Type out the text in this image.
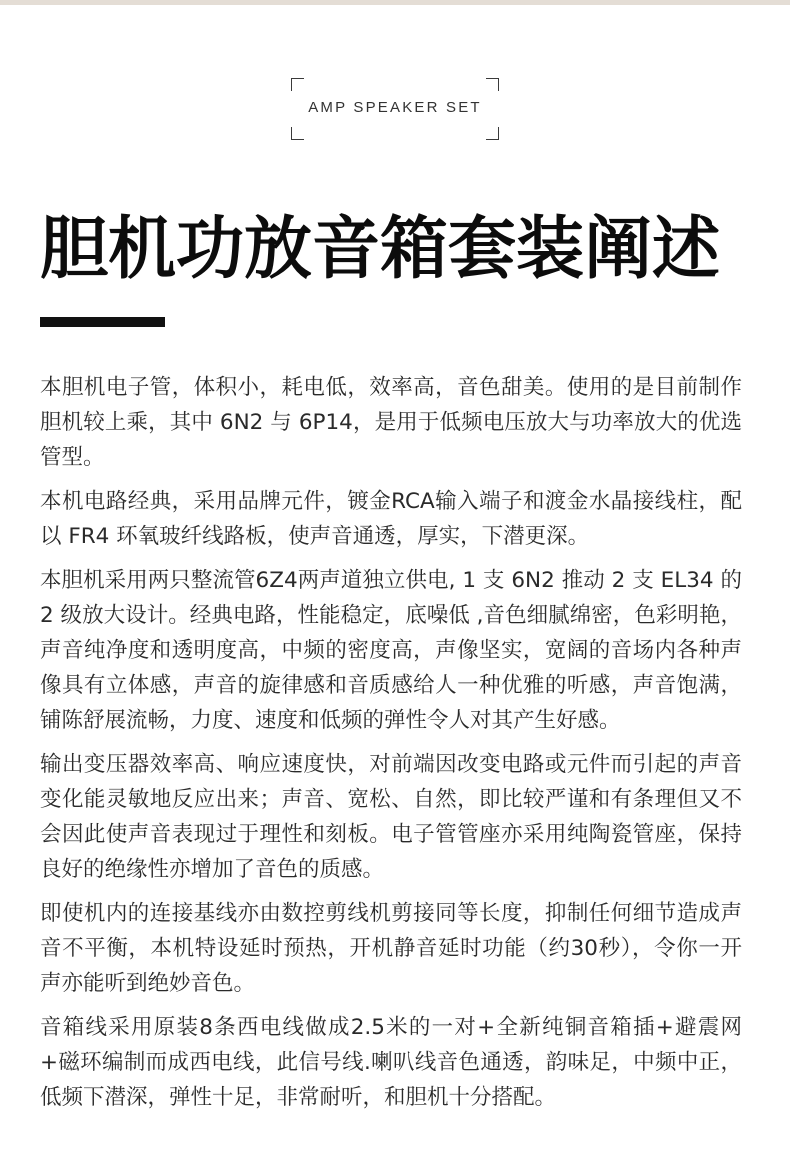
AMP SPEAKER SET
胆机功放音箱套装阐述

本胆机电子管，体积小，耗电低，效率高，音色甜美。使用的是目前制作胆机较上乘，其中 6N2 与 6P14，是用于低频电压放大与功率放大的优选管型。

本机电路经典，采用品牌元件，镀金RCA输入端子和渡金水晶接线柱，配以 FR4 环氧玻纤线路板，使声音通透，厚实，下潜更深。

本胆机采用两只整流管6Z4两声道独立供电, 1 支 6N2 推动 2 支 EL34 的 2 级放大设计。经典电路，性能稳定，底噪低 ,音色细腻绵密，色彩明艳，声音纯净度和透明度高，中频的密度高，声像坚实，宽阔的音场内各种声像具有立体感，声音的旋律感和音质感给人一种优雅的听感，声音饱满，铺陈舒展流畅，力度、速度和低频的弹性令人对其产生好感。

输出变压器效率高、响应速度快，对前端因改变电路或元件而引起的声音变化能灵敏地反应出来；声音、宽松、自然，即比较严谨和有条理但又不会因此使声音表现过于理性和刻板。电子管管座亦采用纯陶瓷管座，保持良好的绝缘性亦增加了音色的质感。

即使机内的连接基线亦由数控剪线机剪接同等长度，抑制任何细节造成声音不平衡，本机特设延时预热，开机静音延时功能（约30秒），令你一开声亦能听到绝妙音色。

音箱线采用原装8条西电线做成2.5米的一对+全新纯铜音箱插+避震网+磁环编制而成西电线，此信号线.喇叭线音色通透，韵味足，中频中正，低频下潜深，弹性十足，非常耐听，和胆机十分搭配。
